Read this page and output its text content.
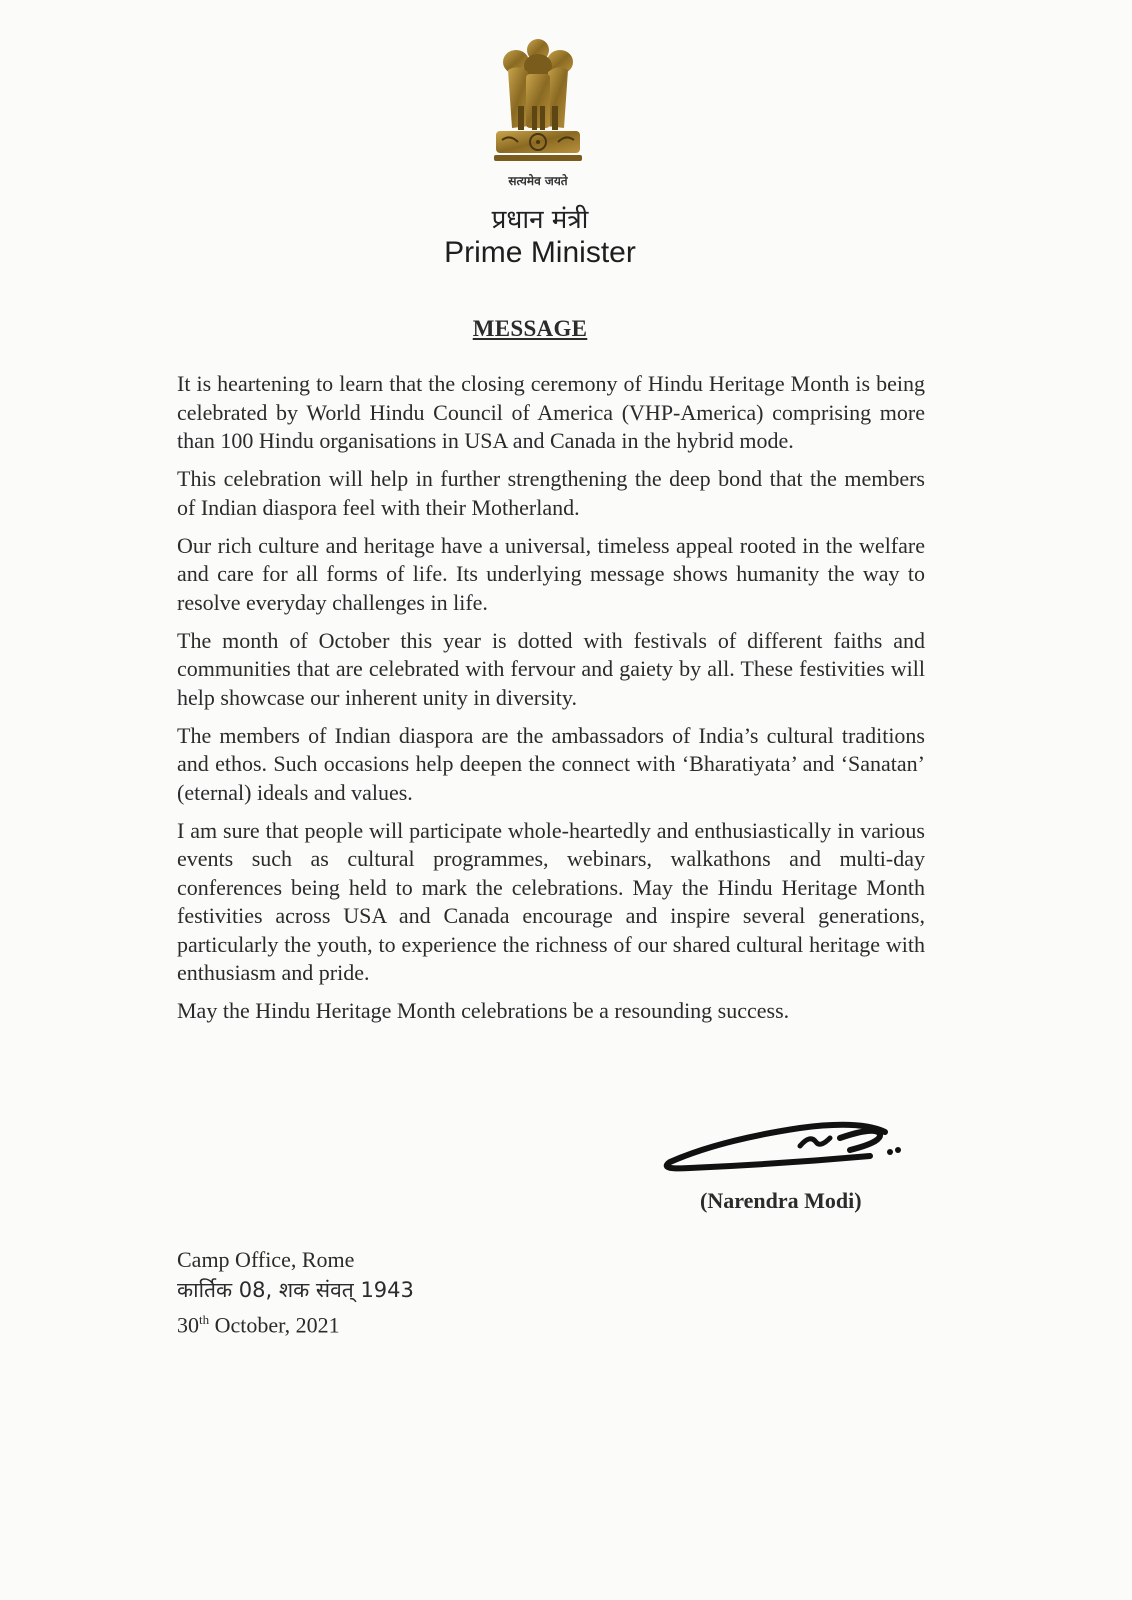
सत्यमेव जयते
प्रधान मंत्री
Prime Minister
MESSAGE

It is heartening to learn that the closing ceremony of Hindu Heritage Month is being celebrated by World Hindu Council of America (VHP-America) comprising more than 100 Hindu organisations in USA and Canada in the hybrid mode.

This celebration will help in further strengthening the deep bond that the members of Indian diaspora feel with their Motherland.

Our rich culture and heritage have a universal, timeless appeal rooted in the welfare and care for all forms of life. Its underlying message shows humanity the way to resolve everyday challenges in life.

The month of October this year is dotted with festivals of different faiths and communities that are celebrated with fervour and gaiety by all. These festivities will help showcase our inherent unity in diversity.

The members of Indian diaspora are the ambassadors of India’s cultural traditions and ethos. Such occasions help deepen the connect with ‘Bharatiyata’ and ‘Sanatan’ (eternal) ideals and values.

I am sure that people will participate whole-heartedly and enthusiastically in various events such as cultural programmes, webinars, walkathons and multi-day conferences being held to mark the celebrations. May the Hindu Heritage Month festivities across USA and Canada encourage and inspire several generations, particularly the youth, to experience the richness of our shared cultural heritage with enthusiasm and pride.

May the Hindu Heritage Month celebrations be a resounding success.

(Narendra Modi)
Camp Office, Rome
कार्तिक 08, शक संवत् 1943
30th October, 2021
